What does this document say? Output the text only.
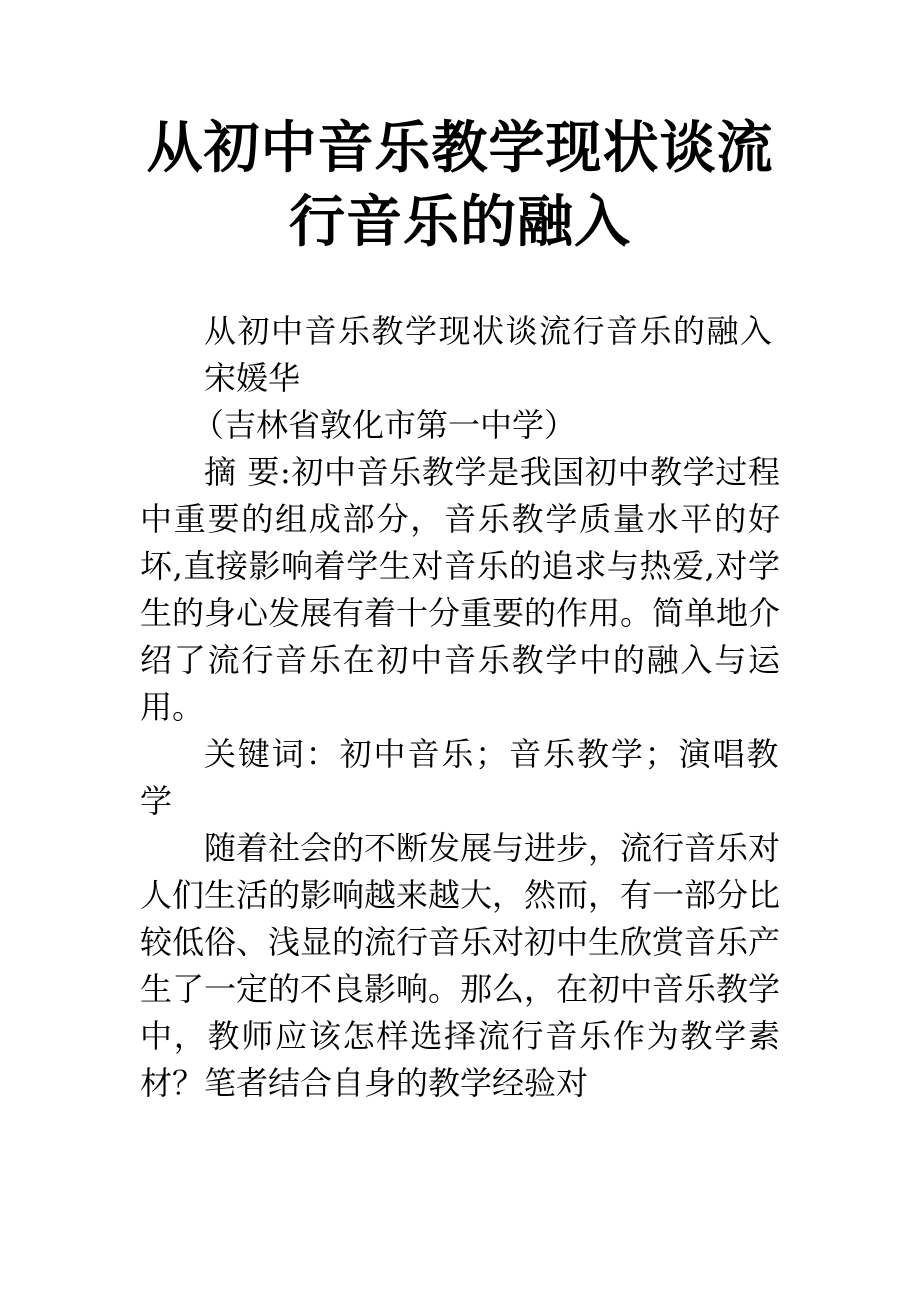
从初中音乐教学现状谈流
行音乐的融入

从初中音乐教学现状谈流行音乐的融入

宋媛华

（吉林省敦化市第一中学）

摘 要:初中音乐教学是我国初中教学过程中重要的组成部分，音乐教学质量水平的好坏,直接影响着学生对音乐的追求与热爱,对学生的身心发展有着十分重要的作用。简单地介绍了流行音乐在初中音乐教学中的融入与运用。

关键词：初中音乐；音乐教学；演唱教学

随着社会的不断发展与进步，流行音乐对人们生活的影响越来越大，然而，有一部分比较低俗、浅显的流行音乐对初中生欣赏音乐产生了一定的不良影响。那么，在初中音乐教学中，教师应该怎样选择流行音乐作为教学素材？笔者结合自身的教学经验对
